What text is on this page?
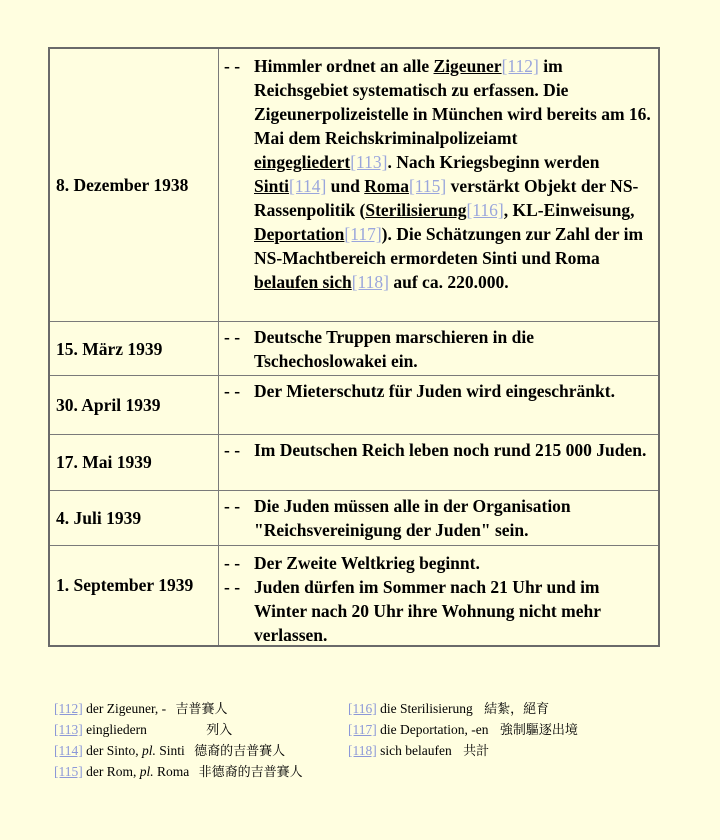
8. Dezember 1938
- - Himmler ordnet an alle Zigeuner[112] im Reichsgebiet systematisch zu erfassen. Die Zigeunerpolizeistelle in München wird bereits am 16. Mai dem Reichskriminalpolizeiamt eingegliedert[113]. Nach Kriegsbeginn werden Sinti[114] und Roma[115] verstärkt Objekt der NS- Rassenpolitik (Sterilisierung[116], KL-Einweisung, Deportation[117]). Die Schätzungen zur Zahl der im NS-Machtbereich ermordeten Sinti und Roma belaufen sich[118] auf ca. 220.000.
15. März 1939
- - Deutsche Truppen marschieren in die Tschechoslowakei ein.
30. April 1939
- - Der Mieterschutz für Juden wird eingeschränkt.
17. Mai 1939
- - Im Deutschen Reich leben noch rund 215 000 Juden.
4. Juli 1939
- - Die Juden müssen alle in der Organisation "Reichsvereinigung der Juden" sein.
1. September 1939
- - Der Zweite Weltkrieg beginnt.
- - Juden dürfen im Sommer nach 21 Uhr und im Winter nach 20 Uhr ihre Wohnung nicht mehr verlassen.
[112] der Zigeuner, - 吉普賽人
[113] eingliedern	列入
[114] der Sinto, pl. Sinti 德裔的吉普賽人
[115] der Rom, pl. Roma 非德裔的吉普賽人
[116] die Sterilisierung 結紮，絕育
[117] die Deportation, -en 強制驅逐出境
[118] sich belaufen 共計
